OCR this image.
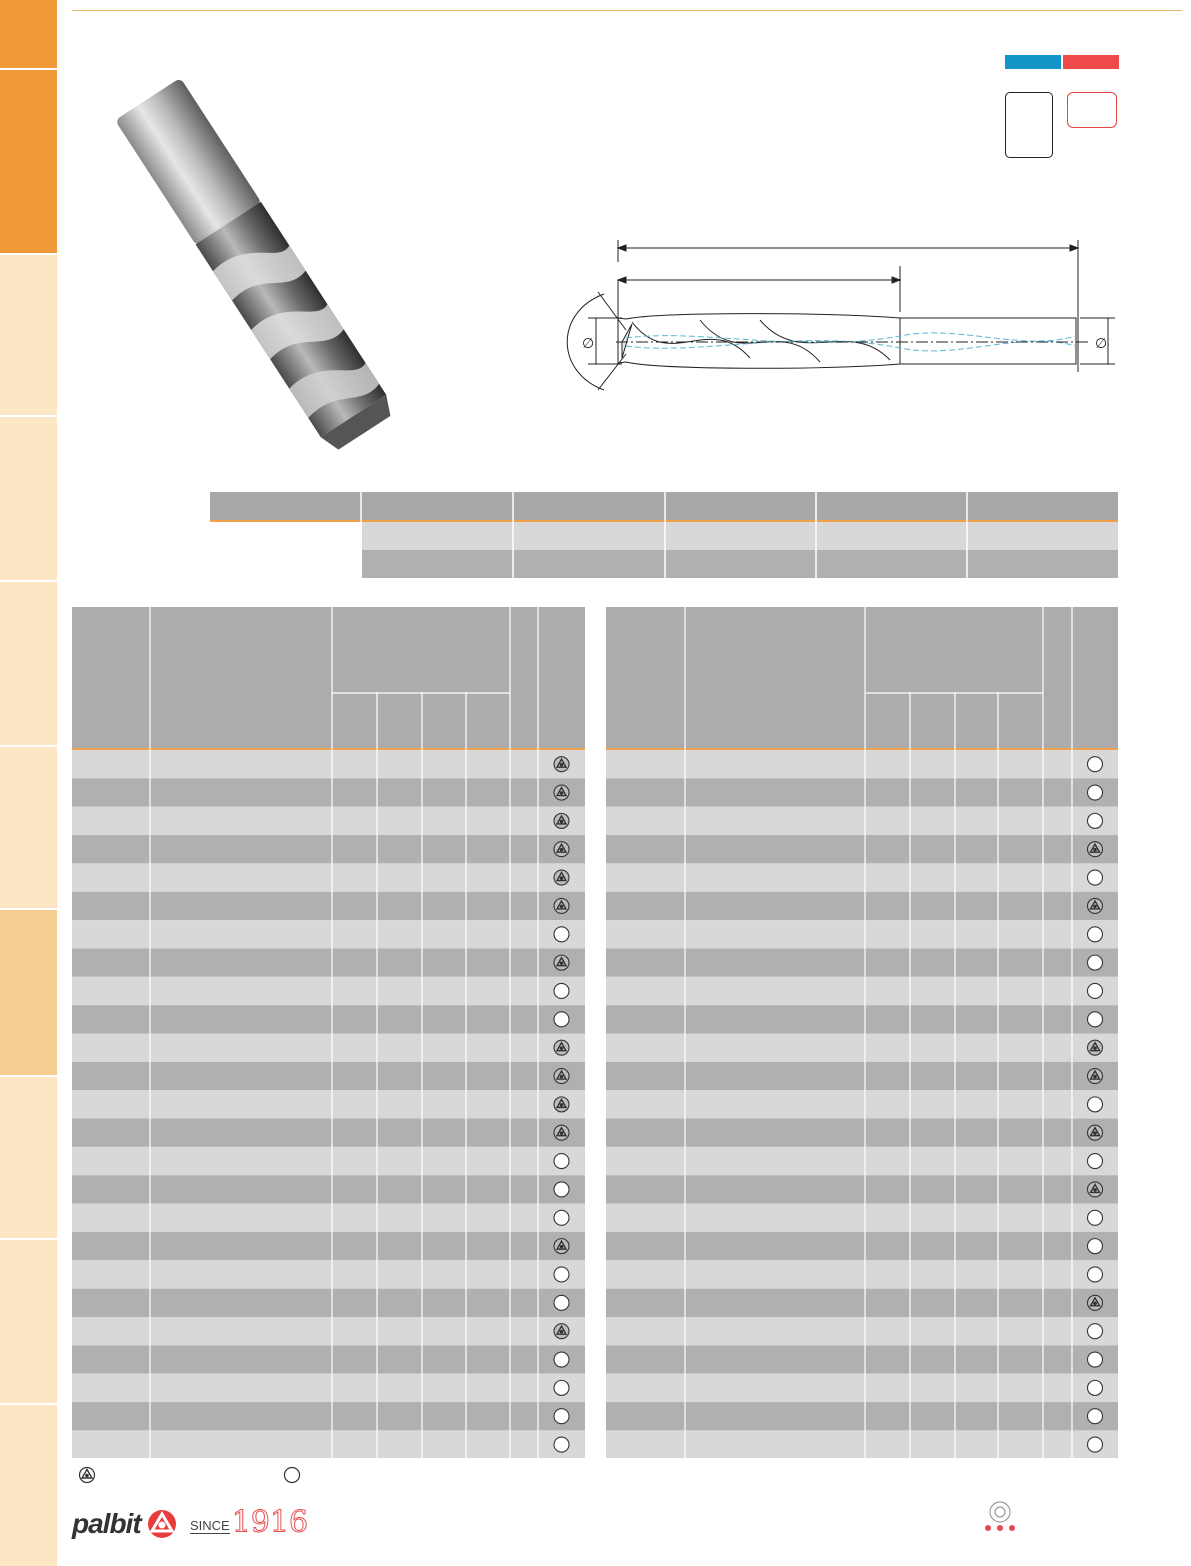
∅	∅
palbit	SINCE 1916
